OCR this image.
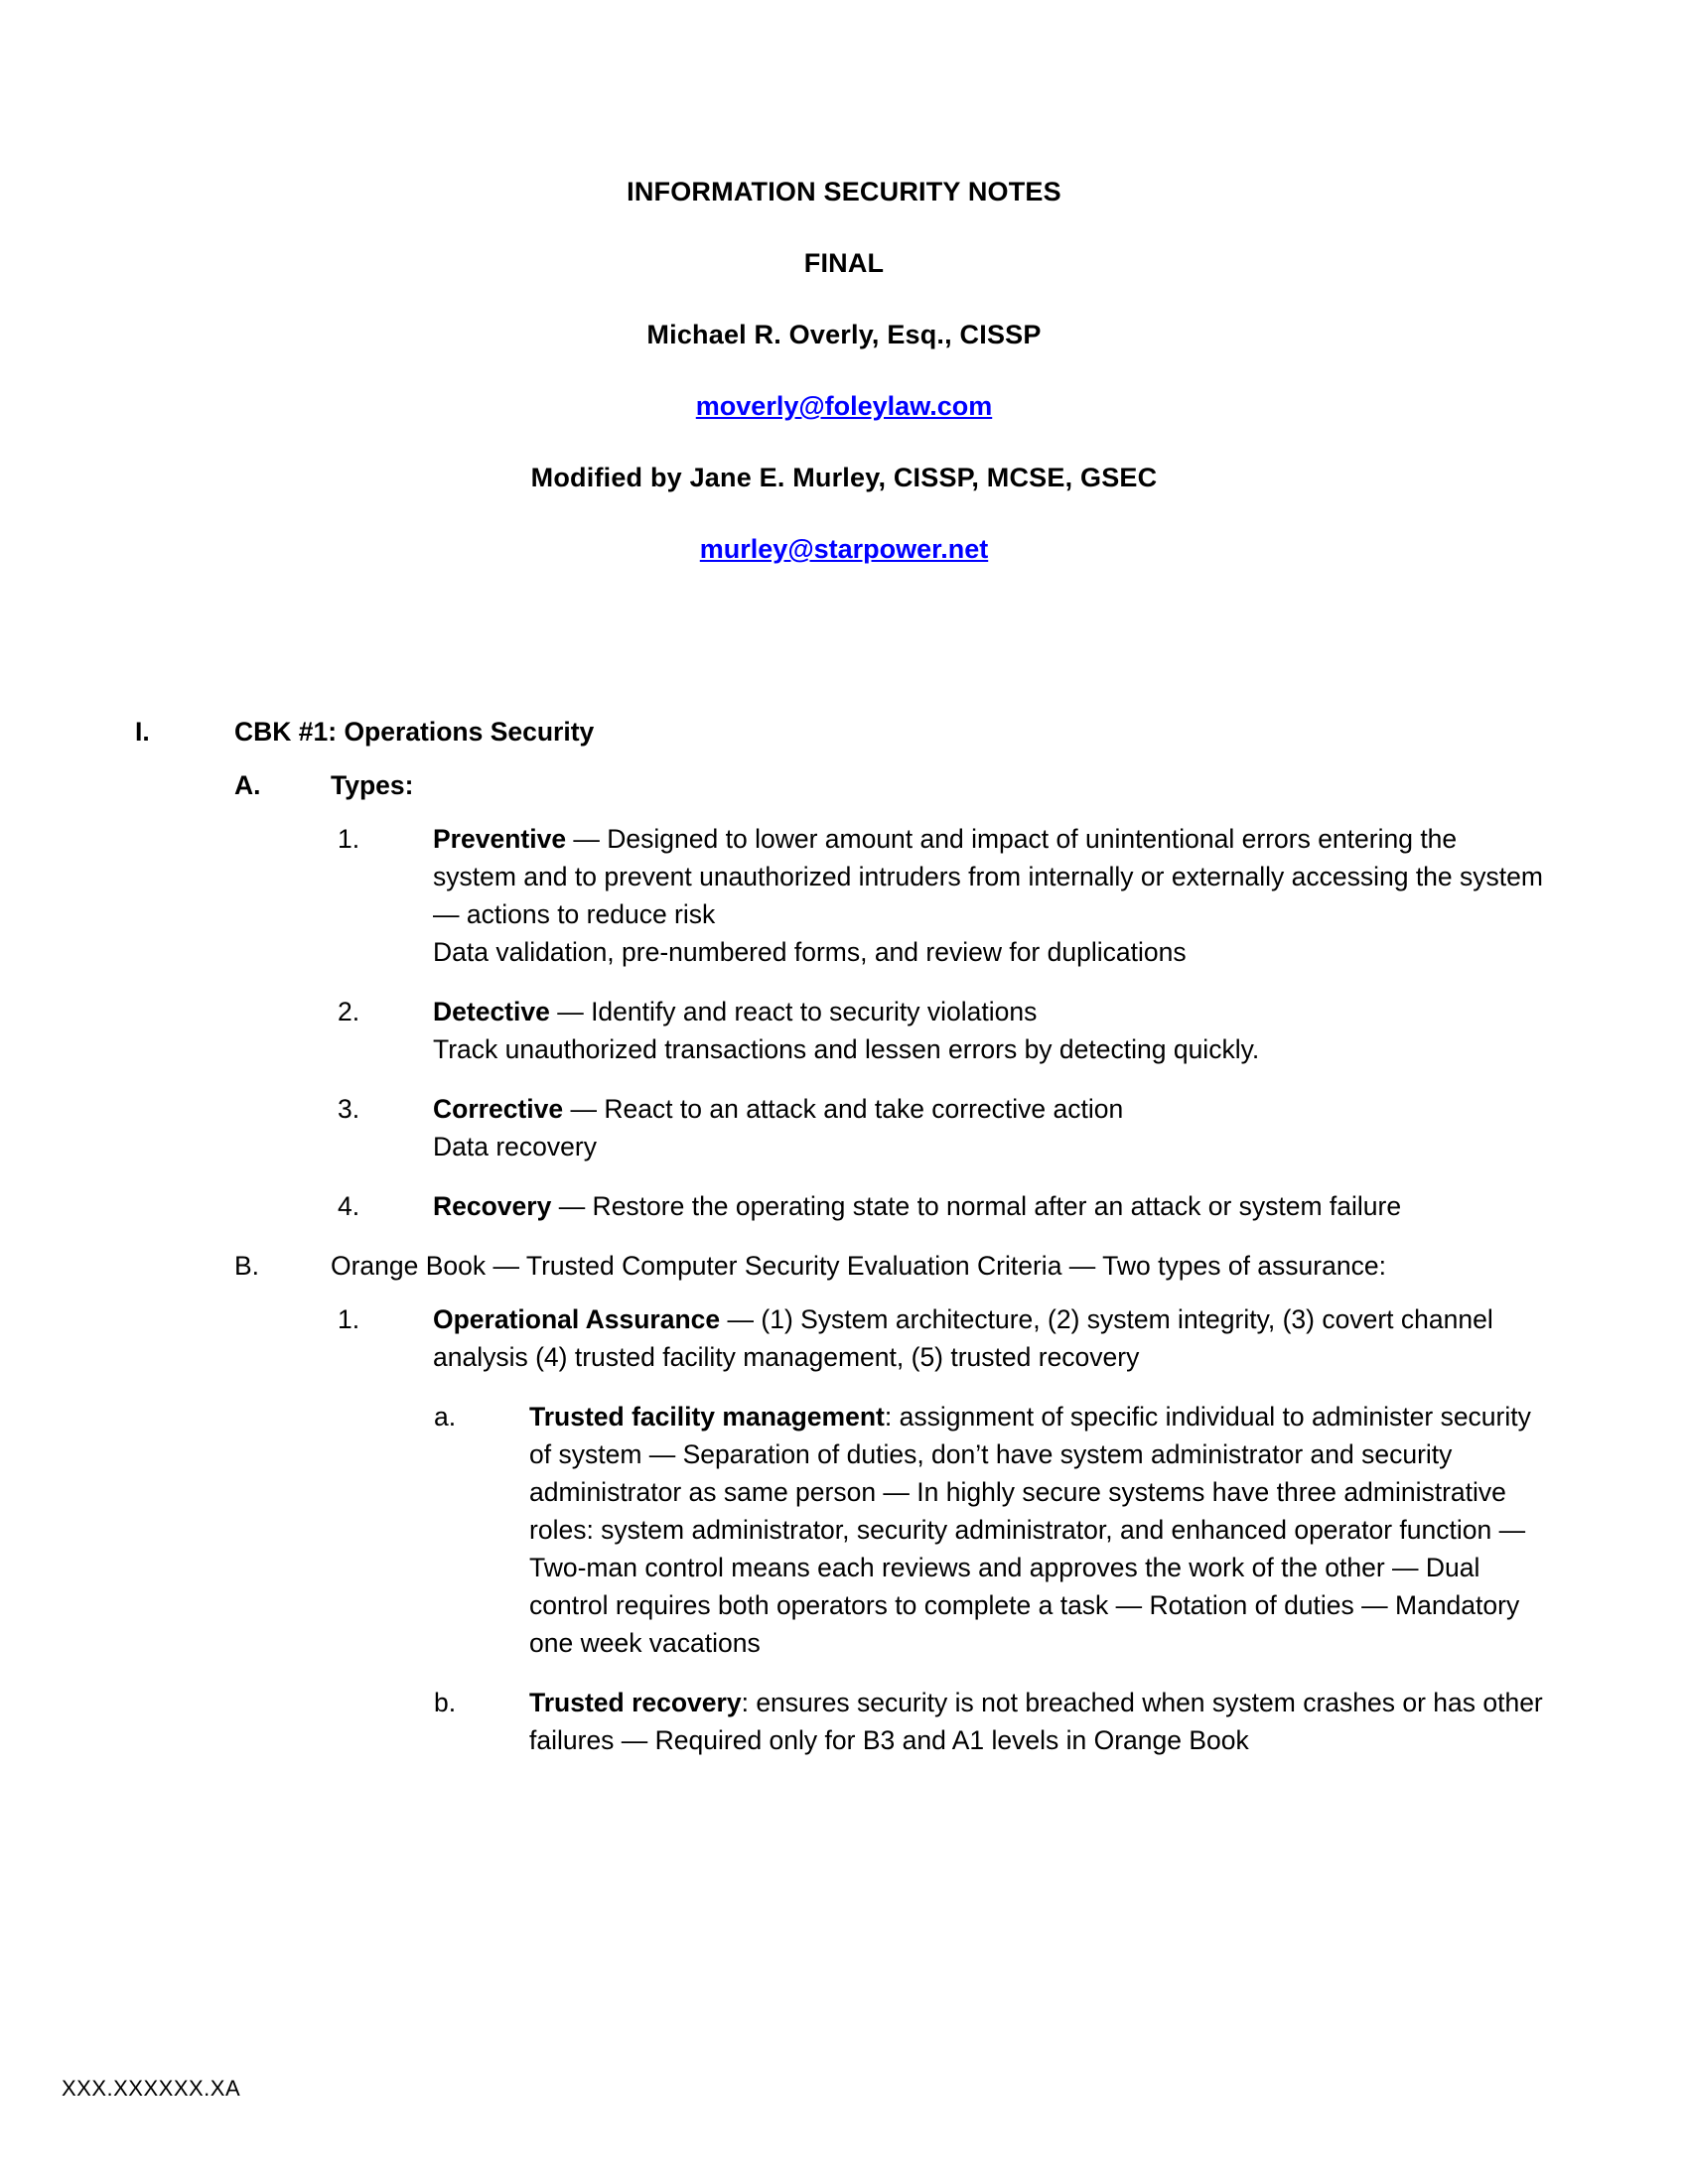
INFORMATION SECURITY NOTES
FINAL
Michael R. Overly, Esq., CISSP
moverly@foleylaw.com
Modified by Jane E. Murley, CISSP, MCSE, GSEC
murley@starpower.net
I.	CBK #1: Operations Security
A.	Types:
1.	Preventive — Designed to lower amount and impact of unintentional errors entering the system and to prevent unauthorized intruders from internally or externally accessing the system — actions to reduce risk
Data validation, pre-numbered forms, and review for duplications
2.	Detective — Identify and react to security violations
Track unauthorized transactions and lessen errors by detecting quickly.
3.	Corrective — React to an attack and take corrective action
Data recovery
4.	Recovery — Restore the operating state to normal after an attack or system failure
B.	Orange Book — Trusted Computer Security Evaluation Criteria — Two types of assurance:
1.	Operational Assurance — (1) System architecture, (2) system integrity, (3) covert channel analysis (4) trusted facility management, (5) trusted recovery
a.	Trusted facility management: assignment of specific individual to administer security of system — Separation of duties, don’t have system administrator and security administrator as same person — In highly secure systems have three administrative roles: system administrator, security administrator, and enhanced operator function — Two-man control means each reviews and approves the work of the other — Dual control requires both operators to complete a task — Rotation of duties — Mandatory one week vacations
b.	Trusted recovery: ensures security is not breached when system crashes or has other failures — Required only for B3 and A1 levels in Orange Book
XXX.XXXXXX.XA
